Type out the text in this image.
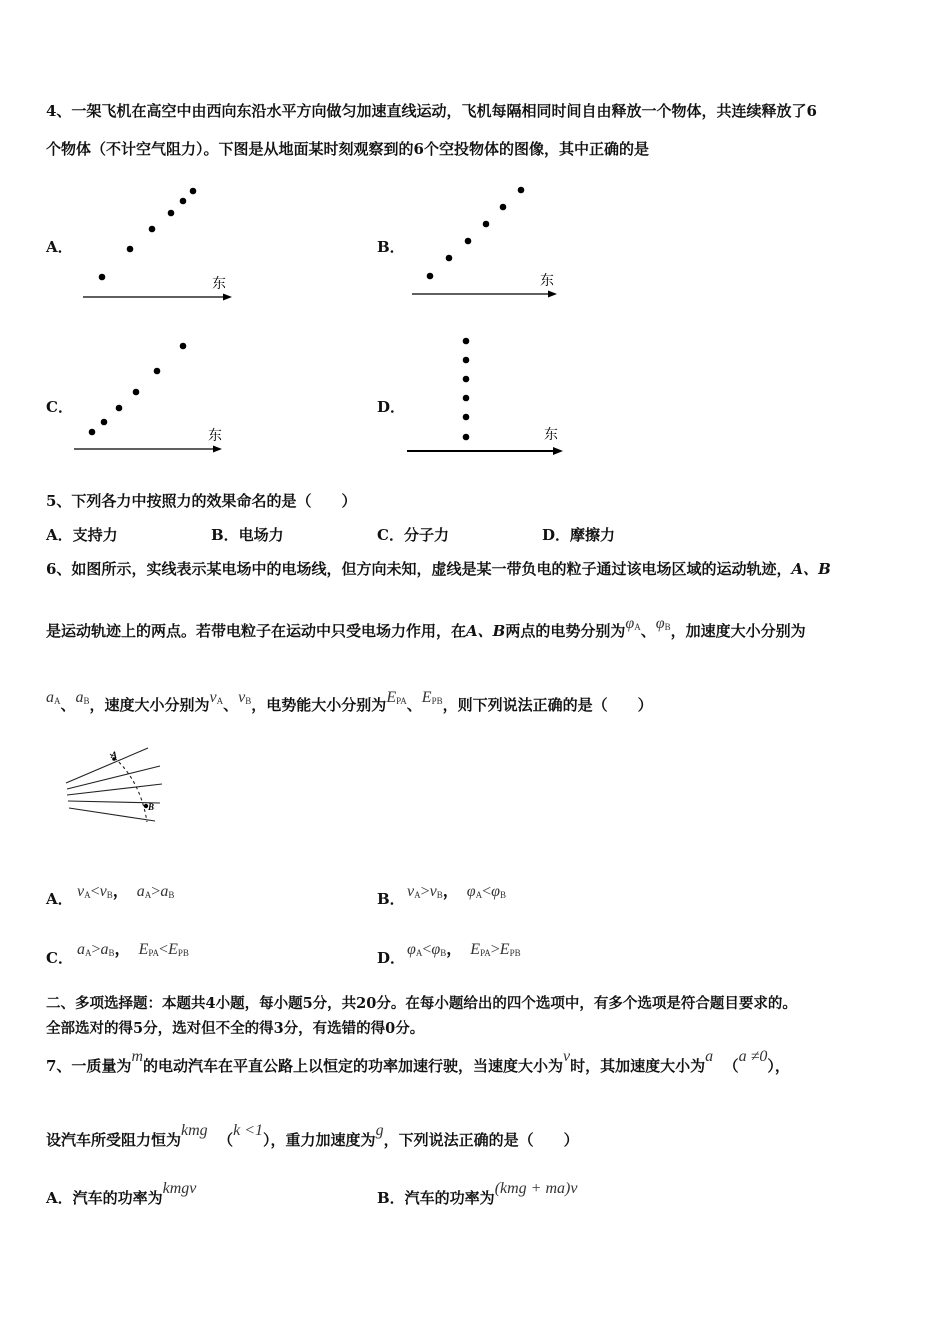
4、一架飞机在高空中由西向东沿水平方向做匀加速直线运动，飞机每隔相同时间自由释放一个物体，共连续释放了6
个物体（不计空气阻力）。下图是从地面某时刻观察到的6个空投物体的图像，其中正确的是
A．	B．
C．	D．
东	东
东	东
5、下列各力中按照力的效果命名的是（　　）
A．支持力	B．电场力	C．分子力	D．摩擦力
6、如图所示，实线表示某电场中的电场线，但方向未知，虚线是某一带负电的粒子通过该电场区域的运动轨迹，A、B
是运动轨迹上的两点。若带电粒子在运动中只受电场力作用，在A、B两点的电势分别为$\varphi_A$、$\varphi_B$，加速度大小分别为
$a_A$、$a_B$，速度大小分别为$v_A$、$v_B$，电势能大小分别为$E_{PA}$、$E_{PB}$，则下列说法正确的是（　　）
A
B
A． $v_A<v_B$， $a_A>a_B$	B． $v_A>v_B$， $\varphi_A<\varphi_B$
C． $a_A>a_B$， $E_{PA}<E_{PB}$	D． $\varphi_A<\varphi_B$， $E_{PA}>E_{PB}$
二、多项选择题：本题共4小题，每小题5分，共20分。在每小题给出的四个选项中，有多个选项是符合题目要求的。
全部选对的得5分，选对但不全的得3分，有选错的得0分。
7、一质量为m的电动汽车在平直公路上以恒定的功率加速行驶，当速度大小为v时，其加速度大小为a  （a ≠0），
设汽车所受阻力恒为kmg  （k <1），重力加速度为g，下列说法正确的是（　　）
A．汽车的功率为kmgv
B．汽车的功率为(kmg + ma)v
